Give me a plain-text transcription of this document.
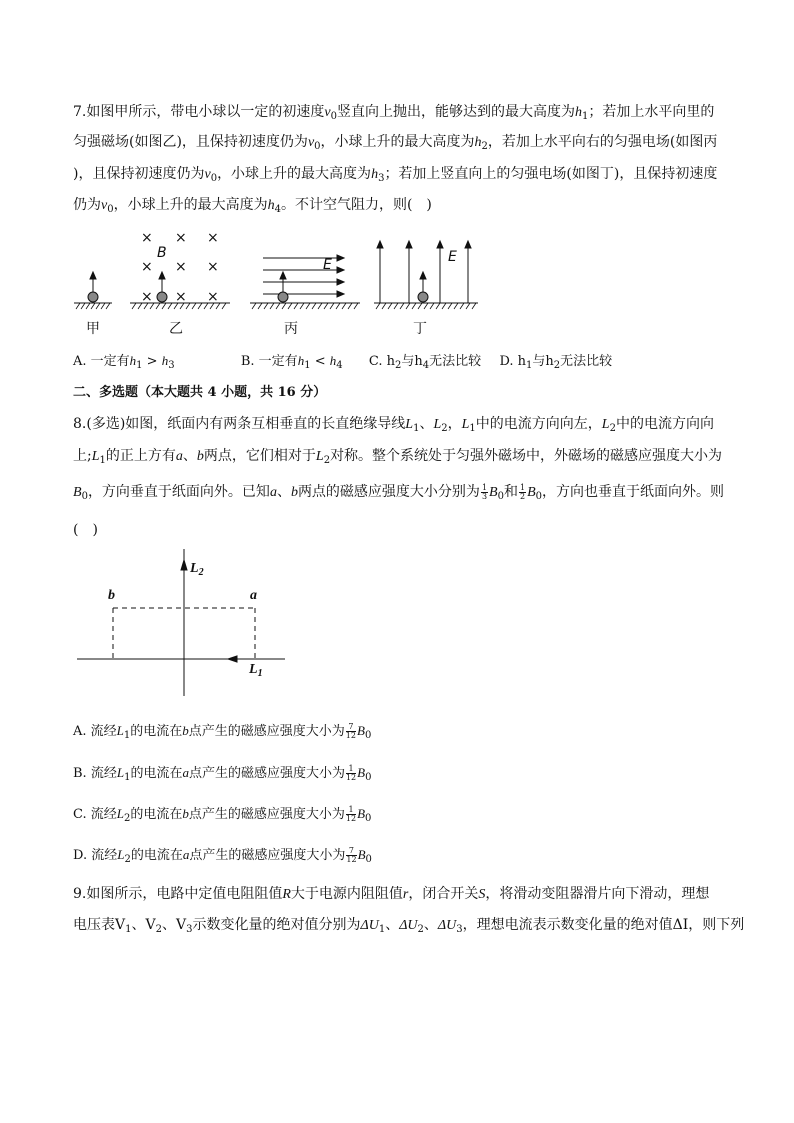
7.如图甲所示，带电小球以一定的初速度$v_0$竖直向上抛出，能够达到的最大高度为$h_1$；若加上水平向里的
匀强磁场(如图乙)，且保持初速度仍为$v_0$，小球上升的最大高度为$h_2$，若加上水平向右的匀强电场(如图丙
)，且保持初速度仍为$v_0$，小球上升的最大高度为$h_3$；若加上竖直向上的匀强电场(如图丁)，且保持初速度
仍为$v_0$，小球上升的最大高度为$h_4$。不计空气阻力，则(　)
× × ×
× × ×
× × ×
B
E	E
甲	乙	丙	丁
A. 一定有$h_1 > h_3$	B. 一定有$h_1 < h_4$ C. $h_2$与$h_4$无法比较 D. $h_1$与$h_2$无法比较
二、多选题（本大题共 4 小题，共 16 分）
8.(多选)如图，纸面内有两条互相垂直的长直绝缘导线$L_1$、$L_2$，$L_1$中的电流方向向左，$L_2$中的电流方向向
上$;L_1$的正上方有a、b两点，它们相对于$L_2$对称。整个系统处于匀强外磁场中，外磁场的磁感应强度大小为
$B_0$，方向垂直于纸面向外。已知a、b两点的磁感应强度大小分别为 $\frac{1}{3} B_0$和 $\frac{1}{2} B_0$，方向也垂直于纸面向外。则
(　)
$L_2$
$L_1$
b	a
A. 流经$L_1$的电流在b点产生的磁感应强度大小为 $\frac{7}{12} B_0$
B. 流经$L_1$的电流在a点产生的磁感应强度大小为 $\frac{1}{12} B_0$
C. 流经$L_2$的电流在b点产生的磁感应强度大小为 $\frac{1}{12} B_0$
D. 流经$L_2$的电流在a点产生的磁感应强度大小为 $\frac{7}{12} B_0$
9.如图所示，电路中定值电阻阻值R大于电源内阻阻值r，闭合开关S，将滑动变阻器滑片向下滑动，理想
电压表$V_1$、$V_2$、$V_3$示数变化量的绝对值分别为$\Delta U_1$、$\Delta U_2$、$\Delta U_3$，理想电流表示数变化量的绝对值ΔI，则下列
